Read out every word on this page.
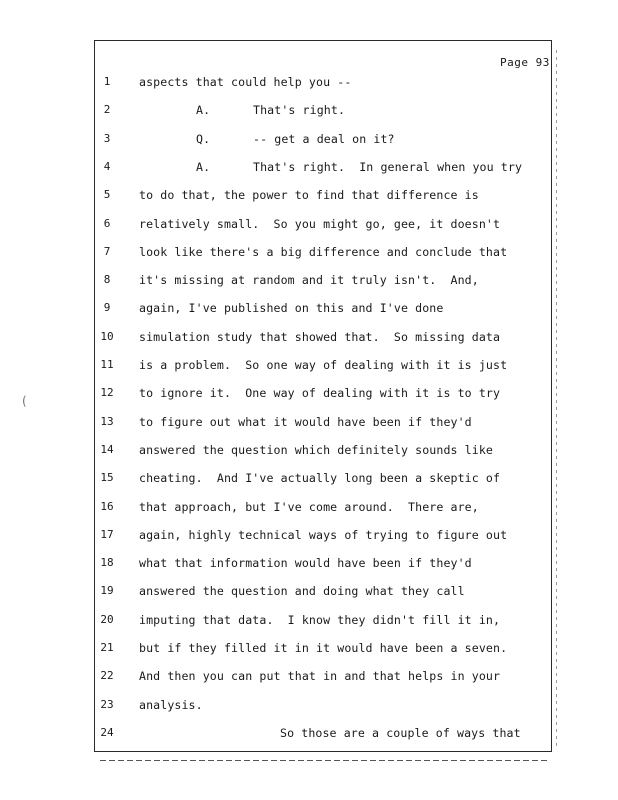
Page 93
1	aspects that could help you --
2	A.	That's right.
3	Q.	-- get a deal on it?
4	A.	That's right.  In general when you try
5	to do that, the power to find that difference is
6	relatively small.  So you might go, gee, it doesn't
7	look like there's a big difference and conclude that
8	it's missing at random and it truly isn't.  And,
9	again, I've published on this and I've done
10	simulation study that showed that.  So missing data
11	is a problem.  So one way of dealing with it is just
12	to ignore it.  One way of dealing with it is to try
13	to figure out what it would have been if they'd
14	answered the question which definitely sounds like
15	cheating.  And I've actually long been a skeptic of
16	that approach, but I've come around.  There are,
17	again, highly technical ways of trying to figure out
18	what that information would have been if they'd
19	answered the question and doing what they call
20	imputing that data.  I know they didn't fill it in,
21	but if they filled it in it would have been a seven.
22	And then you can put that in and that helps in your
23	analysis.
24	So those are a couple of ways that
(
